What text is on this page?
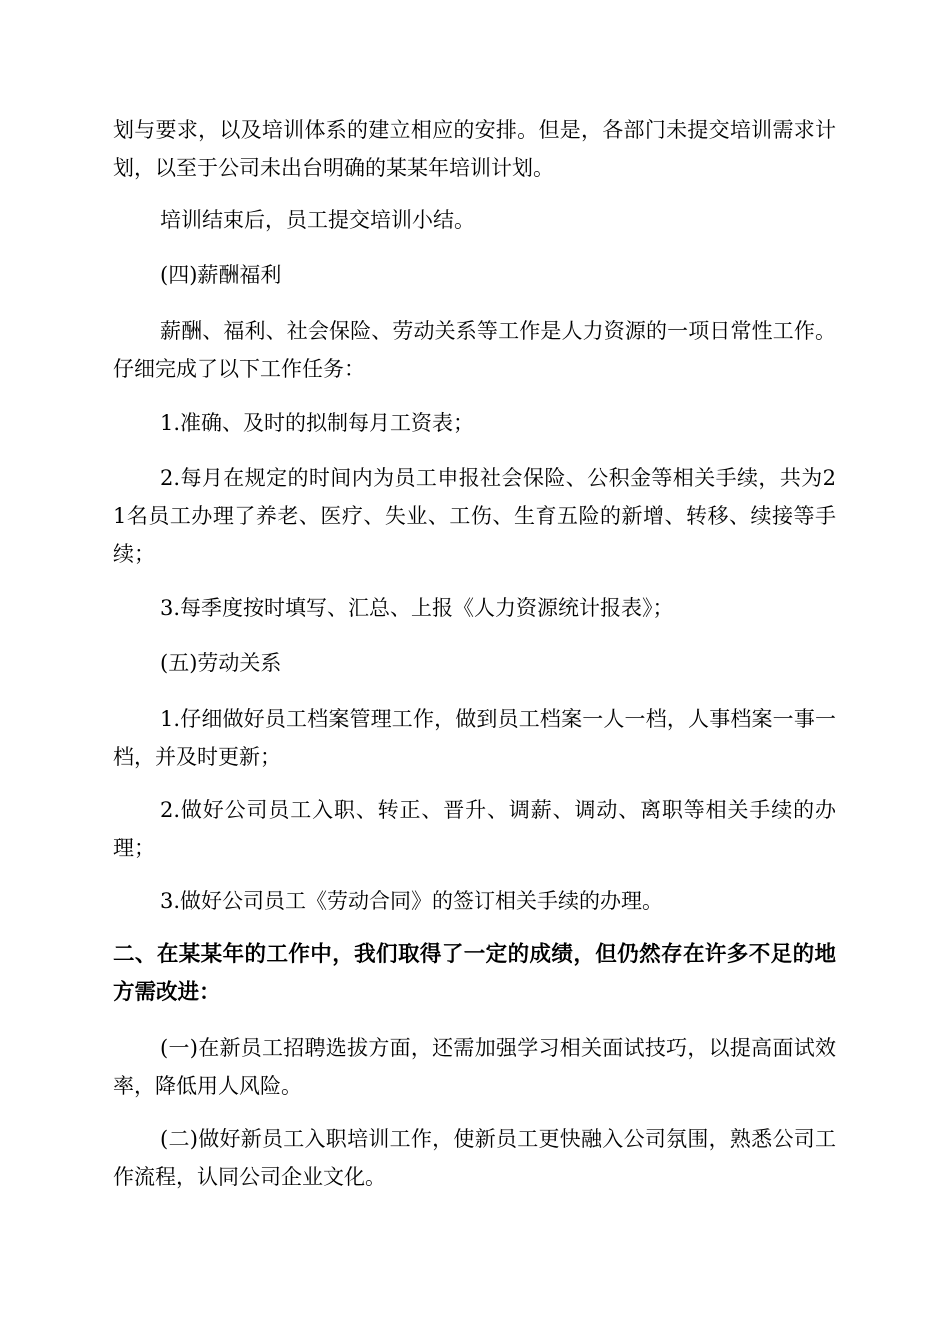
划与要求，以及培训体系的建立相应的安排。但是，各部门未提交培训需求计划，以至于公司未出台明确的某某年培训计划。

培训结束后，员工提交培训小结。

(四)薪酬福利

薪酬、福利、社会保险、劳动关系等工作是人力资源的一项日常性工作。仔细完成了以下工作任务：

1.准确、及时的拟制每月工资表；

2.每月在规定的时间内为员工申报社会保险、公积金等相关手续，共为21名员工办理了养老、医疗、失业、工伤、生育五险的新增、转移、续接等手续；

3.每季度按时填写、汇总、上报《人力资源统计报表》；

(五)劳动关系

1.仔细做好员工档案管理工作，做到员工档案一人一档，人事档案一事一档，并及时更新；

2.做好公司员工入职、转正、晋升、调薪、调动、离职等相关手续的办理；

3.做好公司员工《劳动合同》的签订相关手续的办理。

二、在某某年的工作中，我们取得了一定的成绩，但仍然存在许多不足的地方需改进：

(一)在新员工招聘选拔方面，还需加强学习相关面试技巧，以提高面试效率，降低用人风险。

(二)做好新员工入职培训工作，使新员工更快融入公司氛围，熟悉公司工作流程，认同公司企业文化。
